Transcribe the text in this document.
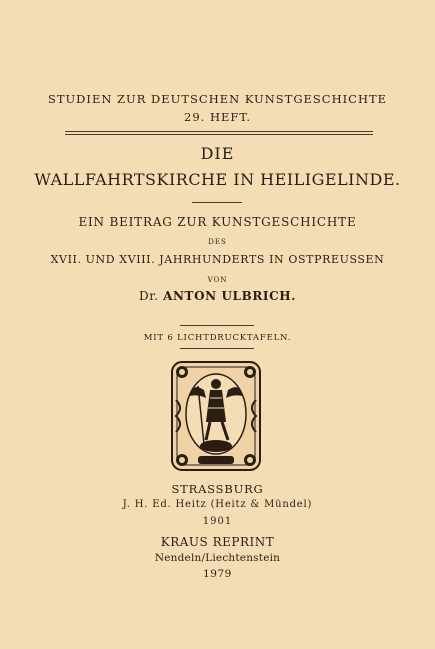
STUDIEN ZUR DEUTSCHEN KUNSTGESCHICHTE
29. HEFT.
DIE
WALLFAHRTSKIRCHE IN HEILIGELINDE.
EIN BEITRAG ZUR KUNSTGESCHICHTE
DES
XVII. UND XVIII. JAHRHUNDERTS IN OSTPREUSSEN
VON
Dr. ANTON ULBRICH.
MIT 6 LICHTDRUCKTAFELN.
STRASSBURG
J. H. Ed. Heitz (Heitz & Mündel)
1901
KRAUS REPRINT
Nendeln/Liechtenstein
1979
